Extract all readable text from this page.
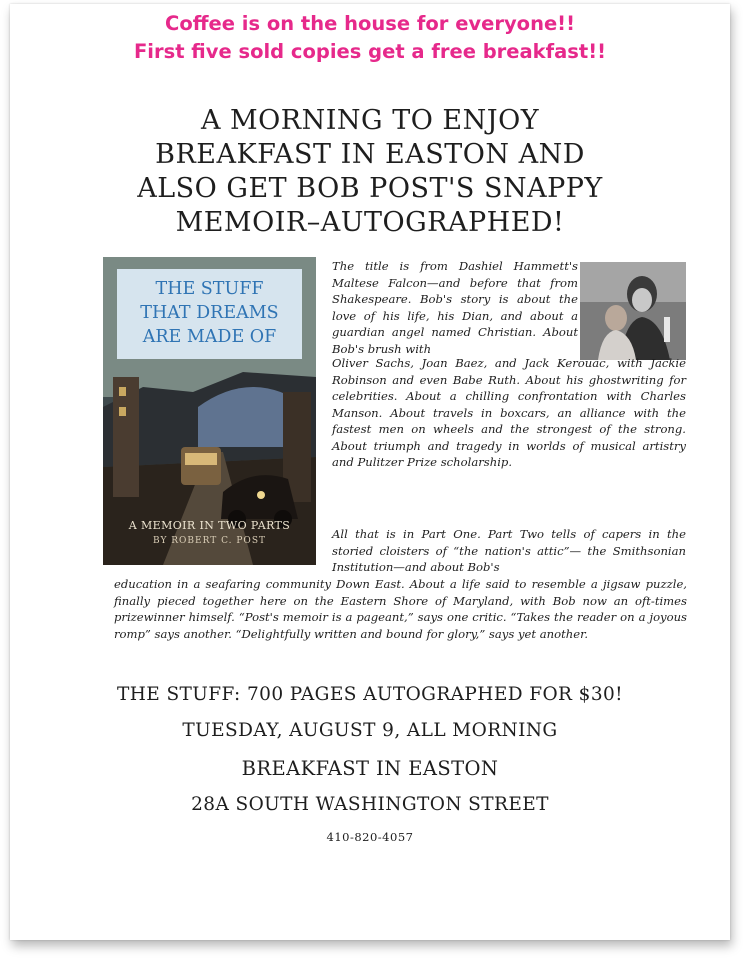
Coffee is on the house for everyone!!
First five sold copies get a free breakfast!!
A MORNING TO ENJOY
BREAKFAST IN EASTON AND
ALSO GET BOB POST'S SNAPPY
MEMOIR–AUTOGRAPHED!
THE STUFF
THAT DREAMS
ARE MADE OF
A MEMOIR IN TWO PARTS
BY ROBERT C. POST
The title is from Dashiel Hammett's Maltese Falcon—and before that from Shakespeare. Bob's story is about the love of his life, his Dian, and about a guardian angel named Christian. About Bob's brush with
Oliver Sachs, Joan Baez, and Jack Kerouac, with Jackie Robinson and even Babe Ruth. About his ghostwriting for celebrities. About a chilling confrontation with Charles Manson. About travels in boxcars, an alliance with the fastest men on wheels and the strongest of the strong. About triumph and tragedy in worlds of musical artistry and Pulitzer Prize scholarship.
All that is in Part One. Part Two tells of capers in the storied cloisters of “the nation's attic”— the Smithsonian Institution—and about Bob's
education in a seafaring community Down East. About a life said to resemble a jigsaw puzzle, finally pieced together here on the Eastern Shore of Maryland, with Bob now an oft-times prizewinner himself. “Post's memoir is a pageant,” says one critic. “Takes the reader on a joyous romp” says another. “Delightfully written and bound for glory,” says yet another.
THE STUFF: 700 PAGES AUTOGRAPHED FOR $30!
TUESDAY, AUGUST 9, ALL MORNING
BREAKFAST IN EASTON
28A SOUTH WASHINGTON STREET
410-820-4057
